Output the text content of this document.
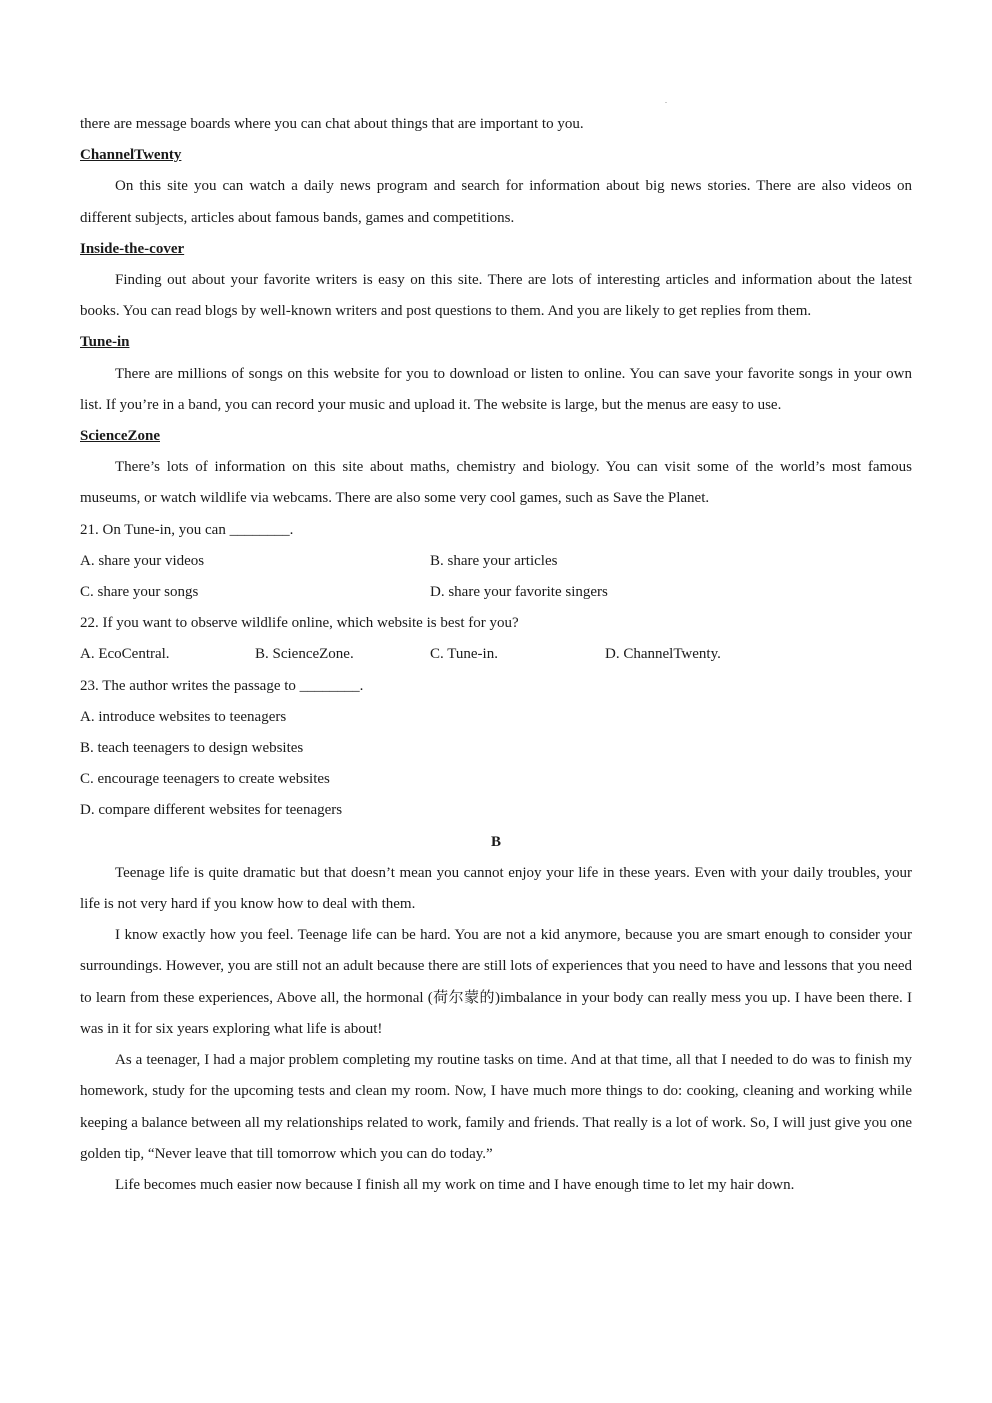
.

there are message boards where you can chat about things that are important to you.

ChannelTwenty

On this site you can watch a daily news program and search for information about big news stories. There are also videos on different subjects, articles about famous bands, games and competitions.

Inside-the-cover

Finding out about your favorite writers is easy on this site. There are lots of interesting articles and information about the latest books. You can read blogs by well-known writers and post questions to them. And you are likely to get replies from them.

Tune-in

There are millions of songs on this website for you to download or listen to online. You can save your favorite songs in your own list. If you’re in a band, you can record your music and upload it. The website is large, but the menus are easy to use.

ScienceZone

There’s lots of information on this site about maths, chemistry and biology. You can visit some of the world’s most famous museums, or watch wildlife via webcams. There are also some very cool games, such as Save the Planet.

21. On Tune-in, you can ________.

A. share your videos	B. share your articles
C. share your songs	D. share your favorite singers

22. If you want to observe wildlife online, which website is best for you?

A. EcoCentral.	B. ScienceZone.	C. Tune-in.	D. ChannelTwenty.

23. The author writes the passage to ________.

A. introduce websites to teenagers

B. teach teenagers to design websites

C. encourage teenagers to create websites

D. compare different websites for teenagers

B

Teenage life is quite dramatic but that doesn’t mean you cannot enjoy your life in these years. Even with your daily troubles, your life is not very hard if you know how to deal with them.

I know exactly how you feel. Teenage life can be hard. You are not a kid anymore, because you are smart enough to consider your surroundings. However, you are still not an adult because there are still lots of experiences that you need to have and lessons that you need to learn from these experiences, Above all, the hormonal (荷尔蒙的)imbalance in your body can really mess you up. I have been there. I was in it for six years exploring what life is about!

As a teenager, I had a major problem completing my routine tasks on time. And at that time, all that I needed to do was to finish my homework, study for the upcoming tests and clean my room. Now, I have much more things to do: cooking, cleaning and working while keeping a balance between all my relationships related to work, family and friends. That really is a lot of work. So, I will just give you one golden tip, “Never leave that till tomorrow which you can do today.”

Life becomes much easier now because I finish all my work on time and I have enough time to let my hair down.
